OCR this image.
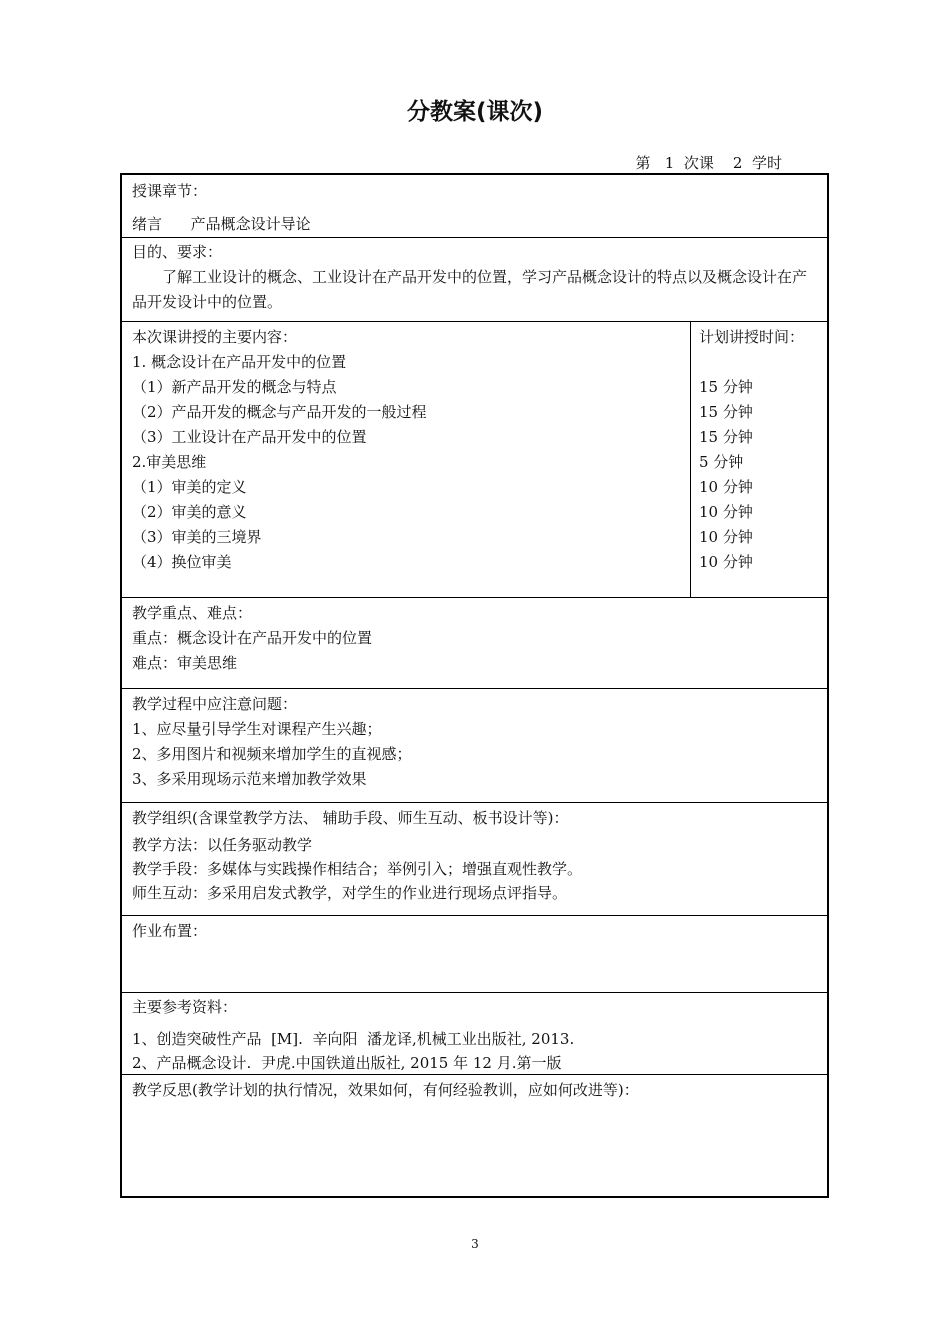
分教案(课次)
第   1  次课    2  学时
授课章节：
绪言      产品概念设计导论
目的、要求：
了解工业设计的概念、工业设计在产品开发中的位置，学习产品概念设计的特点以及概念设计在产品开发设计中的位置。
本次课讲授的主要内容：	计划讲授时间：
1. 概念设计在产品开发中的位置
（1）新产品开发的概念与特点	15 分钟
（2）产品开发的概念与产品开发的一般过程	15 分钟
（3）工业设计在产品开发中的位置	15 分钟
2.审美思维	5 分钟
（1）审美的定义	10 分钟
（2）审美的意义	10 分钟
（3）审美的三境界	10 分钟
（4）换位审美	10 分钟
教学重点、难点：
重点：概念设计在产品开发中的位置
难点：审美思维
教学过程中应注意问题：
1、应尽量引导学生对课程产生兴趣；
2、多用图片和视频来增加学生的直视感；
3、多采用现场示范来增加教学效果
教学组织(含课堂教学方法、 辅助手段、师生互动、板书设计等)：
教学方法：以任务驱动教学
教学手段：多媒体与实践操作相结合；举例引入；增强直观性教学。
师生互动：多采用启发式教学，对学生的作业进行现场点评指导。
作业布置：
主要参考资料：
1、创造突破性产品  [M].  辛向阳  潘龙译,机械工业出版社, 2013.
2、产品概念设计.  尹虎.中国铁道出版社, 2015 年 12 月.第一版
教学反思(教学计划的执行情况，效果如何，有何经验教训，应如何改进等)：
3
